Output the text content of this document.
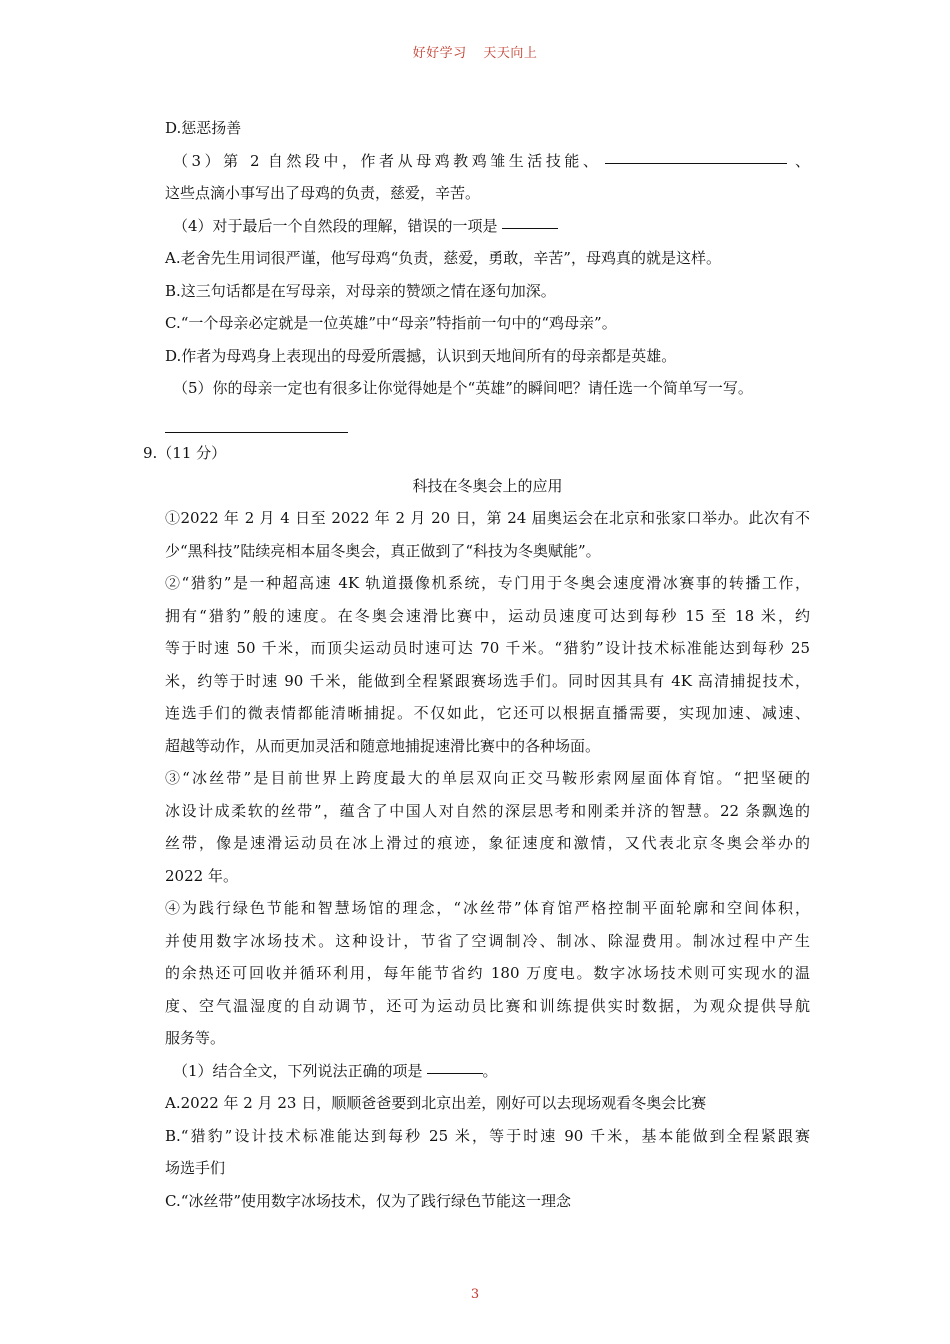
好好学习 天天向上
D.惩恶扬善
（3）第 2 自然段中，作者从母鸡教鸡雏生活技能、	、
这些点滴小事写出了母鸡的负责，慈爱，辛苦。
（4）对于最后一个自然段的理解，错误的一项是
A.老舍先生用词很严谨，他写母鸡“负责，慈爱，勇敢，辛苦”，母鸡真的就是这样。
B.这三句话都是在写母亲，对母亲的赞颂之情在逐句加深。
C.“一个母亲必定就是一位英雄”中“母亲”特指前一句中的“鸡母亲”。
D.作者为母鸡身上表现出的母爱所震撼，认识到天地间所有的母亲都是英雄。
（5）你的母亲一定也有很多让你觉得她是个“英雄”的瞬间吧？请任选一个简单写一写。
9.（11 分）
科技在冬奥会上的应用
①2022 年 2 月 4 日至 2022 年 2 月 20 日，第 24 届奥运会在北京和张家口举办。此次有不
少“黑科技”陆续亮相本届冬奥会，真正做到了“科技为冬奥赋能”。
②“猎豹”是一种超高速 4K 轨道摄像机系统，专门用于冬奥会速度滑冰赛事的转播工作，
拥有“猎豹”般的速度。在冬奥会速滑比赛中，运动员速度可达到每秒 15 至 18 米，约
等于时速 50 千米，而顶尖运动员时速可达 70 千米。“猎豹”设计技术标准能达到每秒 25
米，约等于时速 90 千米，能做到全程紧跟赛场选手们。同时因其具有 4K 高清捕捉技术，
连选手们的微表情都能清晰捕捉。不仅如此，它还可以根据直播需要，实现加速、减速、
超越等动作，从而更加灵活和随意地捕捉速滑比赛中的各种场面。
③“冰丝带”是目前世界上跨度最大的单层双向正交马鞍形索网屋面体育馆。“把坚硬的
冰设计成柔软的丝带”，蕴含了中国人对自然的深层思考和刚柔并济的智慧。22 条飘逸的
丝带，像是速滑运动员在冰上滑过的痕迹，象征速度和激情，又代表北京冬奥会举办的
2022 年。
④为践行绿色节能和智慧场馆的理念，“冰丝带”体育馆严格控制平面轮廓和空间体积，
并使用数字冰场技术。这种设计，节省了空调制冷、制冰、除湿费用。制冰过程中产生
的余热还可回收并循环利用，每年能节省约 180 万度电。数字冰场技术则可实现水的温
度、空气温湿度的自动调节，还可为运动员比赛和训练提供实时数据，为观众提供导航
服务等。
（1）结合全文，下列说法正确的项是	。
A.2022 年 2 月 23 日，顺顺爸爸要到北京出差，刚好可以去现场观看冬奥会比赛
B.“猎豹”设计技术标准能达到每秒 25 米，等于时速 90 千米，基本能做到全程紧跟赛
场选手们
C.“冰丝带”使用数字冰场技术，仅为了践行绿色节能这一理念
3
